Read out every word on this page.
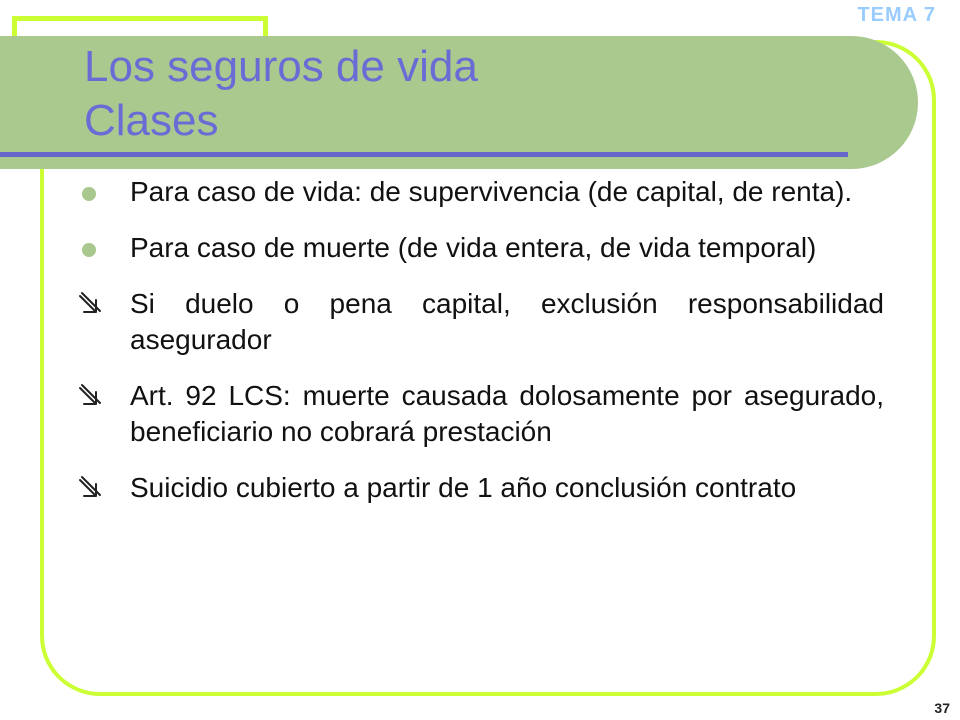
TEMA 7
Los seguros de vida
Clases
Para caso de vida: de supervivencia (de capital, de renta).
Para caso de muerte (de vida entera, de vida temporal)
Si duelo o pena capital, exclusión responsabilidad asegurador
Art. 92 LCS: muerte causada dolosamente por asegurado, beneficiario no cobrará prestación
Suicidio cubierto a partir de 1 año conclusión contrato
37
